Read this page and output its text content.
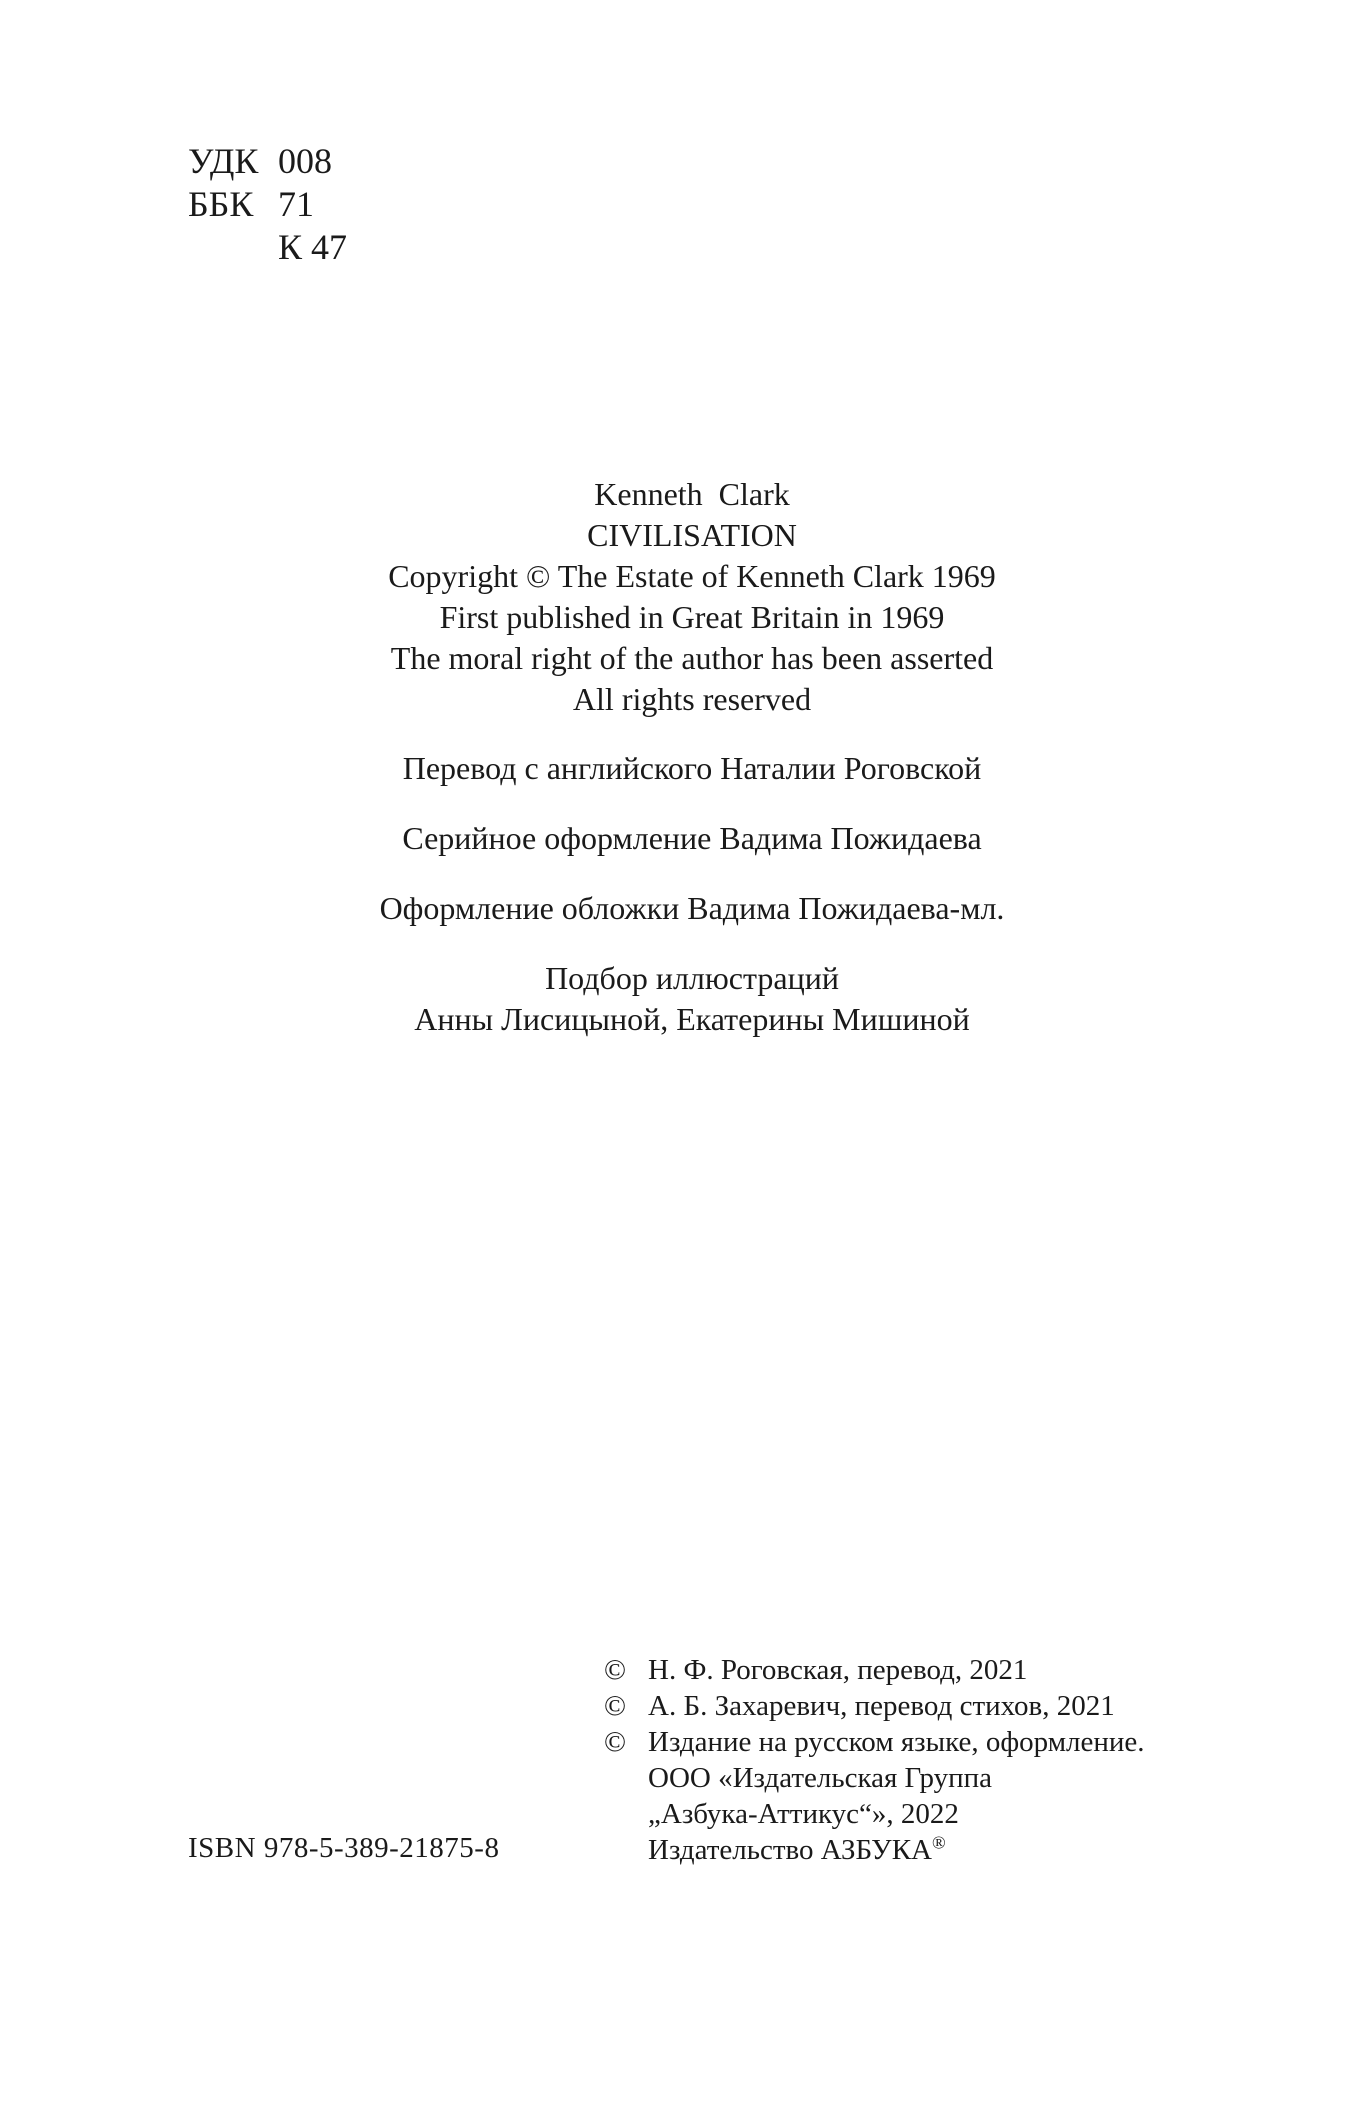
УДК 008
ББК 71
К 47
Kenneth  Clark
CIVILISATION
Copyright © The Estate of Kenneth Clark 1969
First published in Great Britain in 1969
The moral right of the author has been asserted
All rights reserved
Перевод с английского Наталии Роговской
Серийное оформление Вадима Пожидаева
Оформление обложки Вадима Пожидаева-мл.
Подбор иллюстраций
Анны Лисицыной, Екатерины Мишиной
ISBN 978-5-389-21875-8
© Н. Ф. Роговская, перевод, 2021
© А. Б. Захаревич, перевод стихов, 2021
© Издание на русском языке, оформление.
ООО «Издательская Группа
„Азбука-Аттикус“», 2022
Издательство АЗБУКА®
